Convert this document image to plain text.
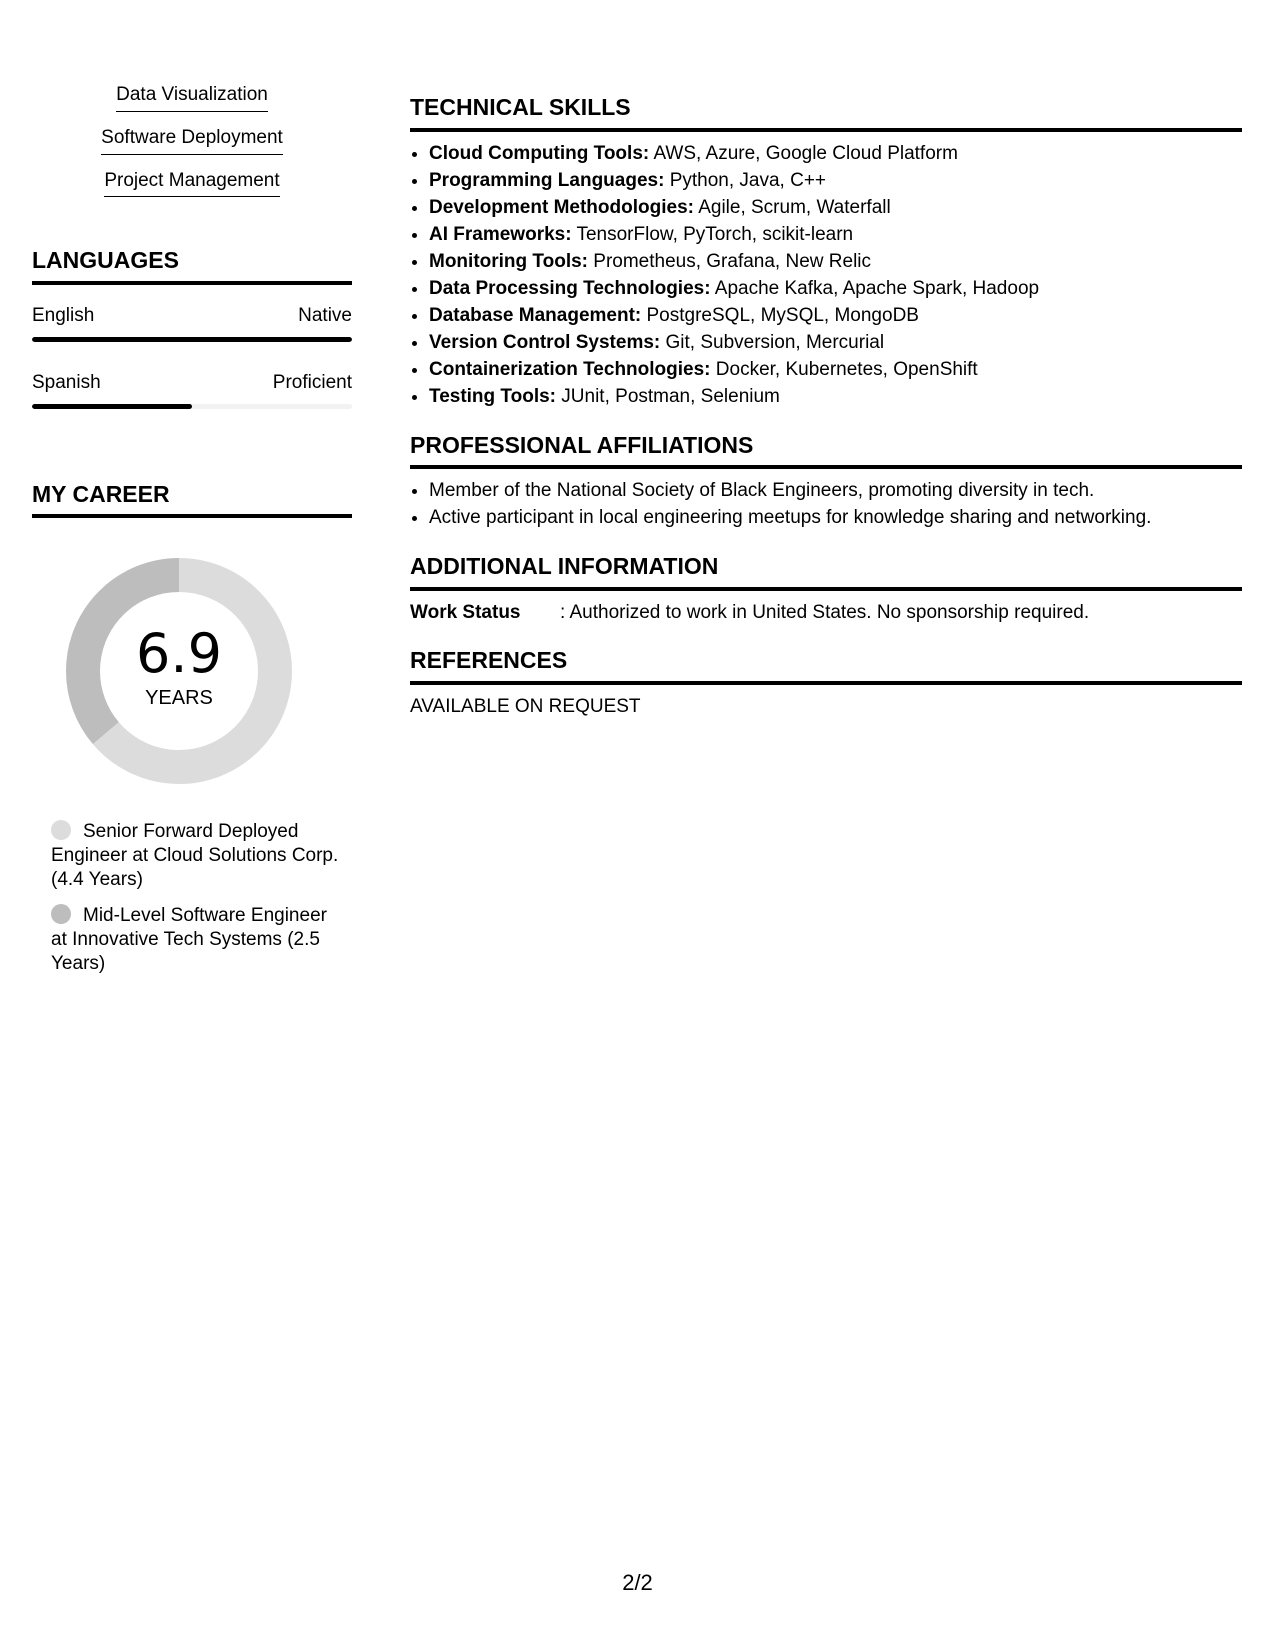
Data Visualization
Software Deployment
Project Management
LANGUAGES
English	Native
Spanish	Proficient
MY CAREER
6.9
YEARS
Senior Forward Deployed Engineer at Cloud Solutions Corp. (4.4 Years)
Mid-Level Software Engineer at Innovative Tech Systems (2.5 Years)
TECHNICAL SKILLS
• Cloud Computing Tools: AWS, Azure, Google Cloud Platform
• Programming Languages: Python, Java, C++
• Development Methodologies: Agile, Scrum, Waterfall
• AI Frameworks: TensorFlow, PyTorch, scikit-learn
• Monitoring Tools: Prometheus, Grafana, New Relic
• Data Processing Technologies: Apache Kafka, Apache Spark, Hadoop
• Database Management: PostgreSQL, MySQL, MongoDB
• Version Control Systems: Git, Subversion, Mercurial
• Containerization Technologies: Docker, Kubernetes, OpenShift
• Testing Tools: JUnit, Postman, Selenium
PROFESSIONAL AFFILIATIONS
• Member of the National Society of Black Engineers, promoting diversity in tech.
• Active participant in local engineering meetups for knowledge sharing and networking.
ADDITIONAL INFORMATION
Work Status	: Authorized to work in United States. No sponsorship required.
REFERENCES
AVAILABLE ON REQUEST
2/2
